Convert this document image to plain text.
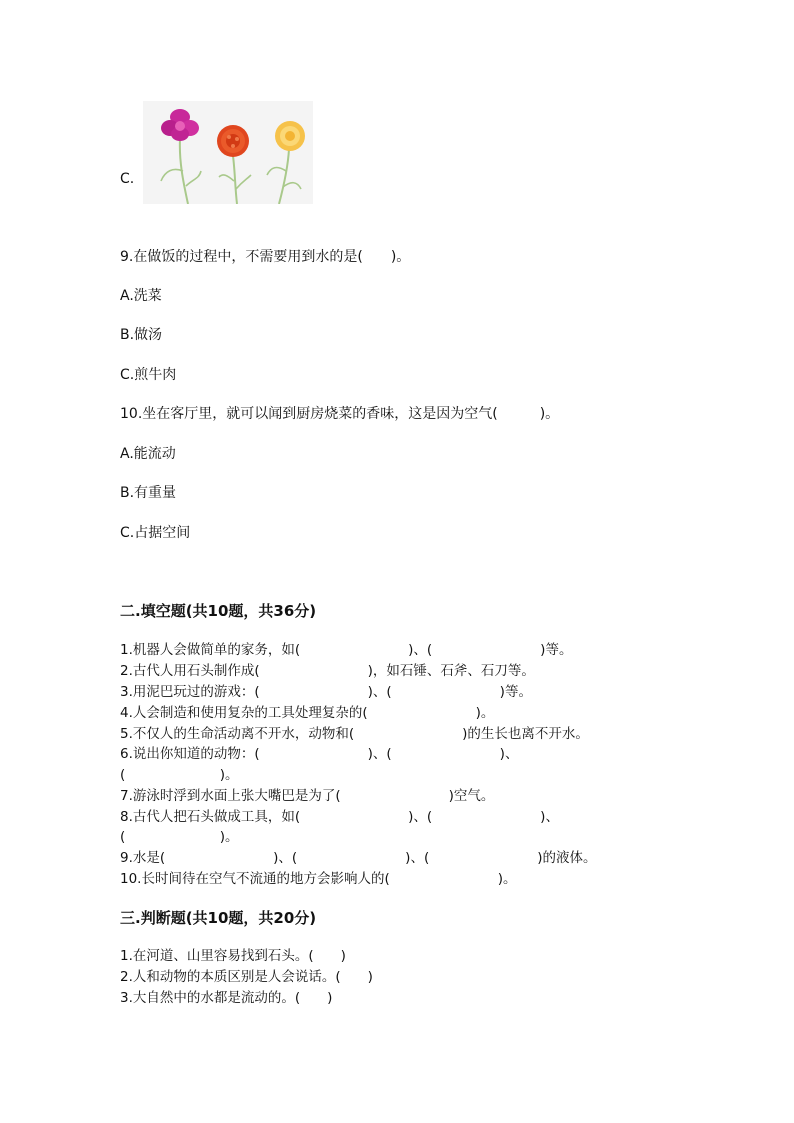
C.
9.在做饭的过程中，不需要用到水的是(　　)。
A.洗菜
B.做汤
C.煎牛肉
10.坐在客厅里，就可以闻到厨房烧菜的香味，这是因为空气(　　　)。
A.能流动
B.有重量
C.占据空间
二.填空题(共10题，共36分)
1.机器人会做简单的家务，如(　　　　　　　　)、(　　　　　　　　)等。
2.古代人用石头制作成(　　　　　　　　)，如石锤、石斧、石刀等。
3.用泥巴玩过的游戏：(　　　　　　　　)、(　　　　　　　　)等。
4.人会制造和使用复杂的工具处理复杂的(　　　　　　　　)。
5.不仅人的生命活动离不开水，动物和(　　　　　　　　)的生长也离不开水。
6.说出你知道的动物：(　　　　　　　　)、(　　　　　　　　)、
(　　　　　　　)。
7.游泳时浮到水面上张大嘴巴是为了(　　　　　　　　)空气。
8.古代人把石头做成工具，如(　　　　　　　　)、(　　　　　　　　)、
(　　　　　　　)。
9.水是(　　　　　　　　)、(　　　　　　　　)、(　　　　　　　　)的液体。
10.长时间待在空气不流通的地方会影响人的(　　　　　　　　)。
三.判断题(共10题，共20分)
1.在河道、山里容易找到石头。(　　)
2.人和动物的本质区别是人会说话。(　　)
3.大自然中的水都是流动的。(　　)
